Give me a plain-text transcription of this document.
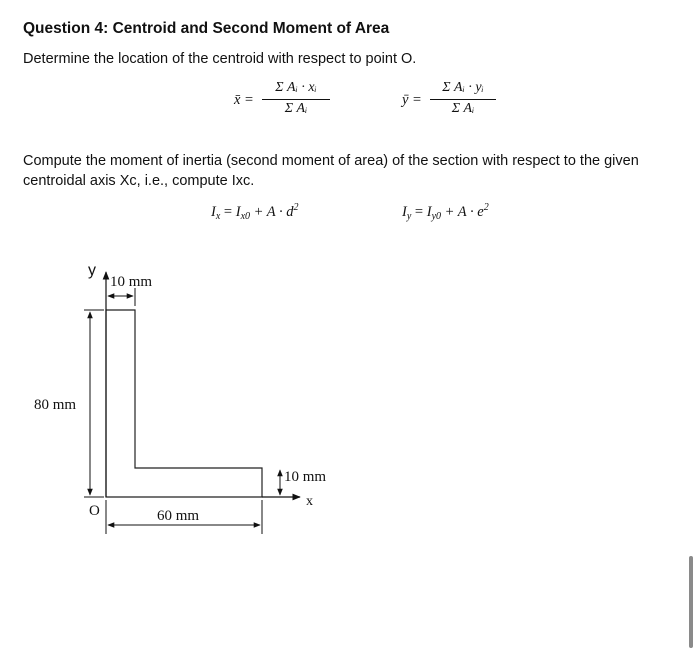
Question 4: Centroid and Second Moment of Area
Determine the location of the centroid with respect to point O.
x̄ =
Σ Aᵢ · xᵢ
Σ Aᵢ
ȳ =
Σ Aᵢ · yᵢ
Σ Aᵢ
Compute the moment of inertia (second moment of area) of the section with respect to the given
centroidal axis Xc, i.e., compute Ixc.
$I_x = I_{x0} + A \cdot d^2$	$I_y = I_{y0} + A \cdot e^2$
y
10 mm
80 mm
10 mm
x
O	60 mm
